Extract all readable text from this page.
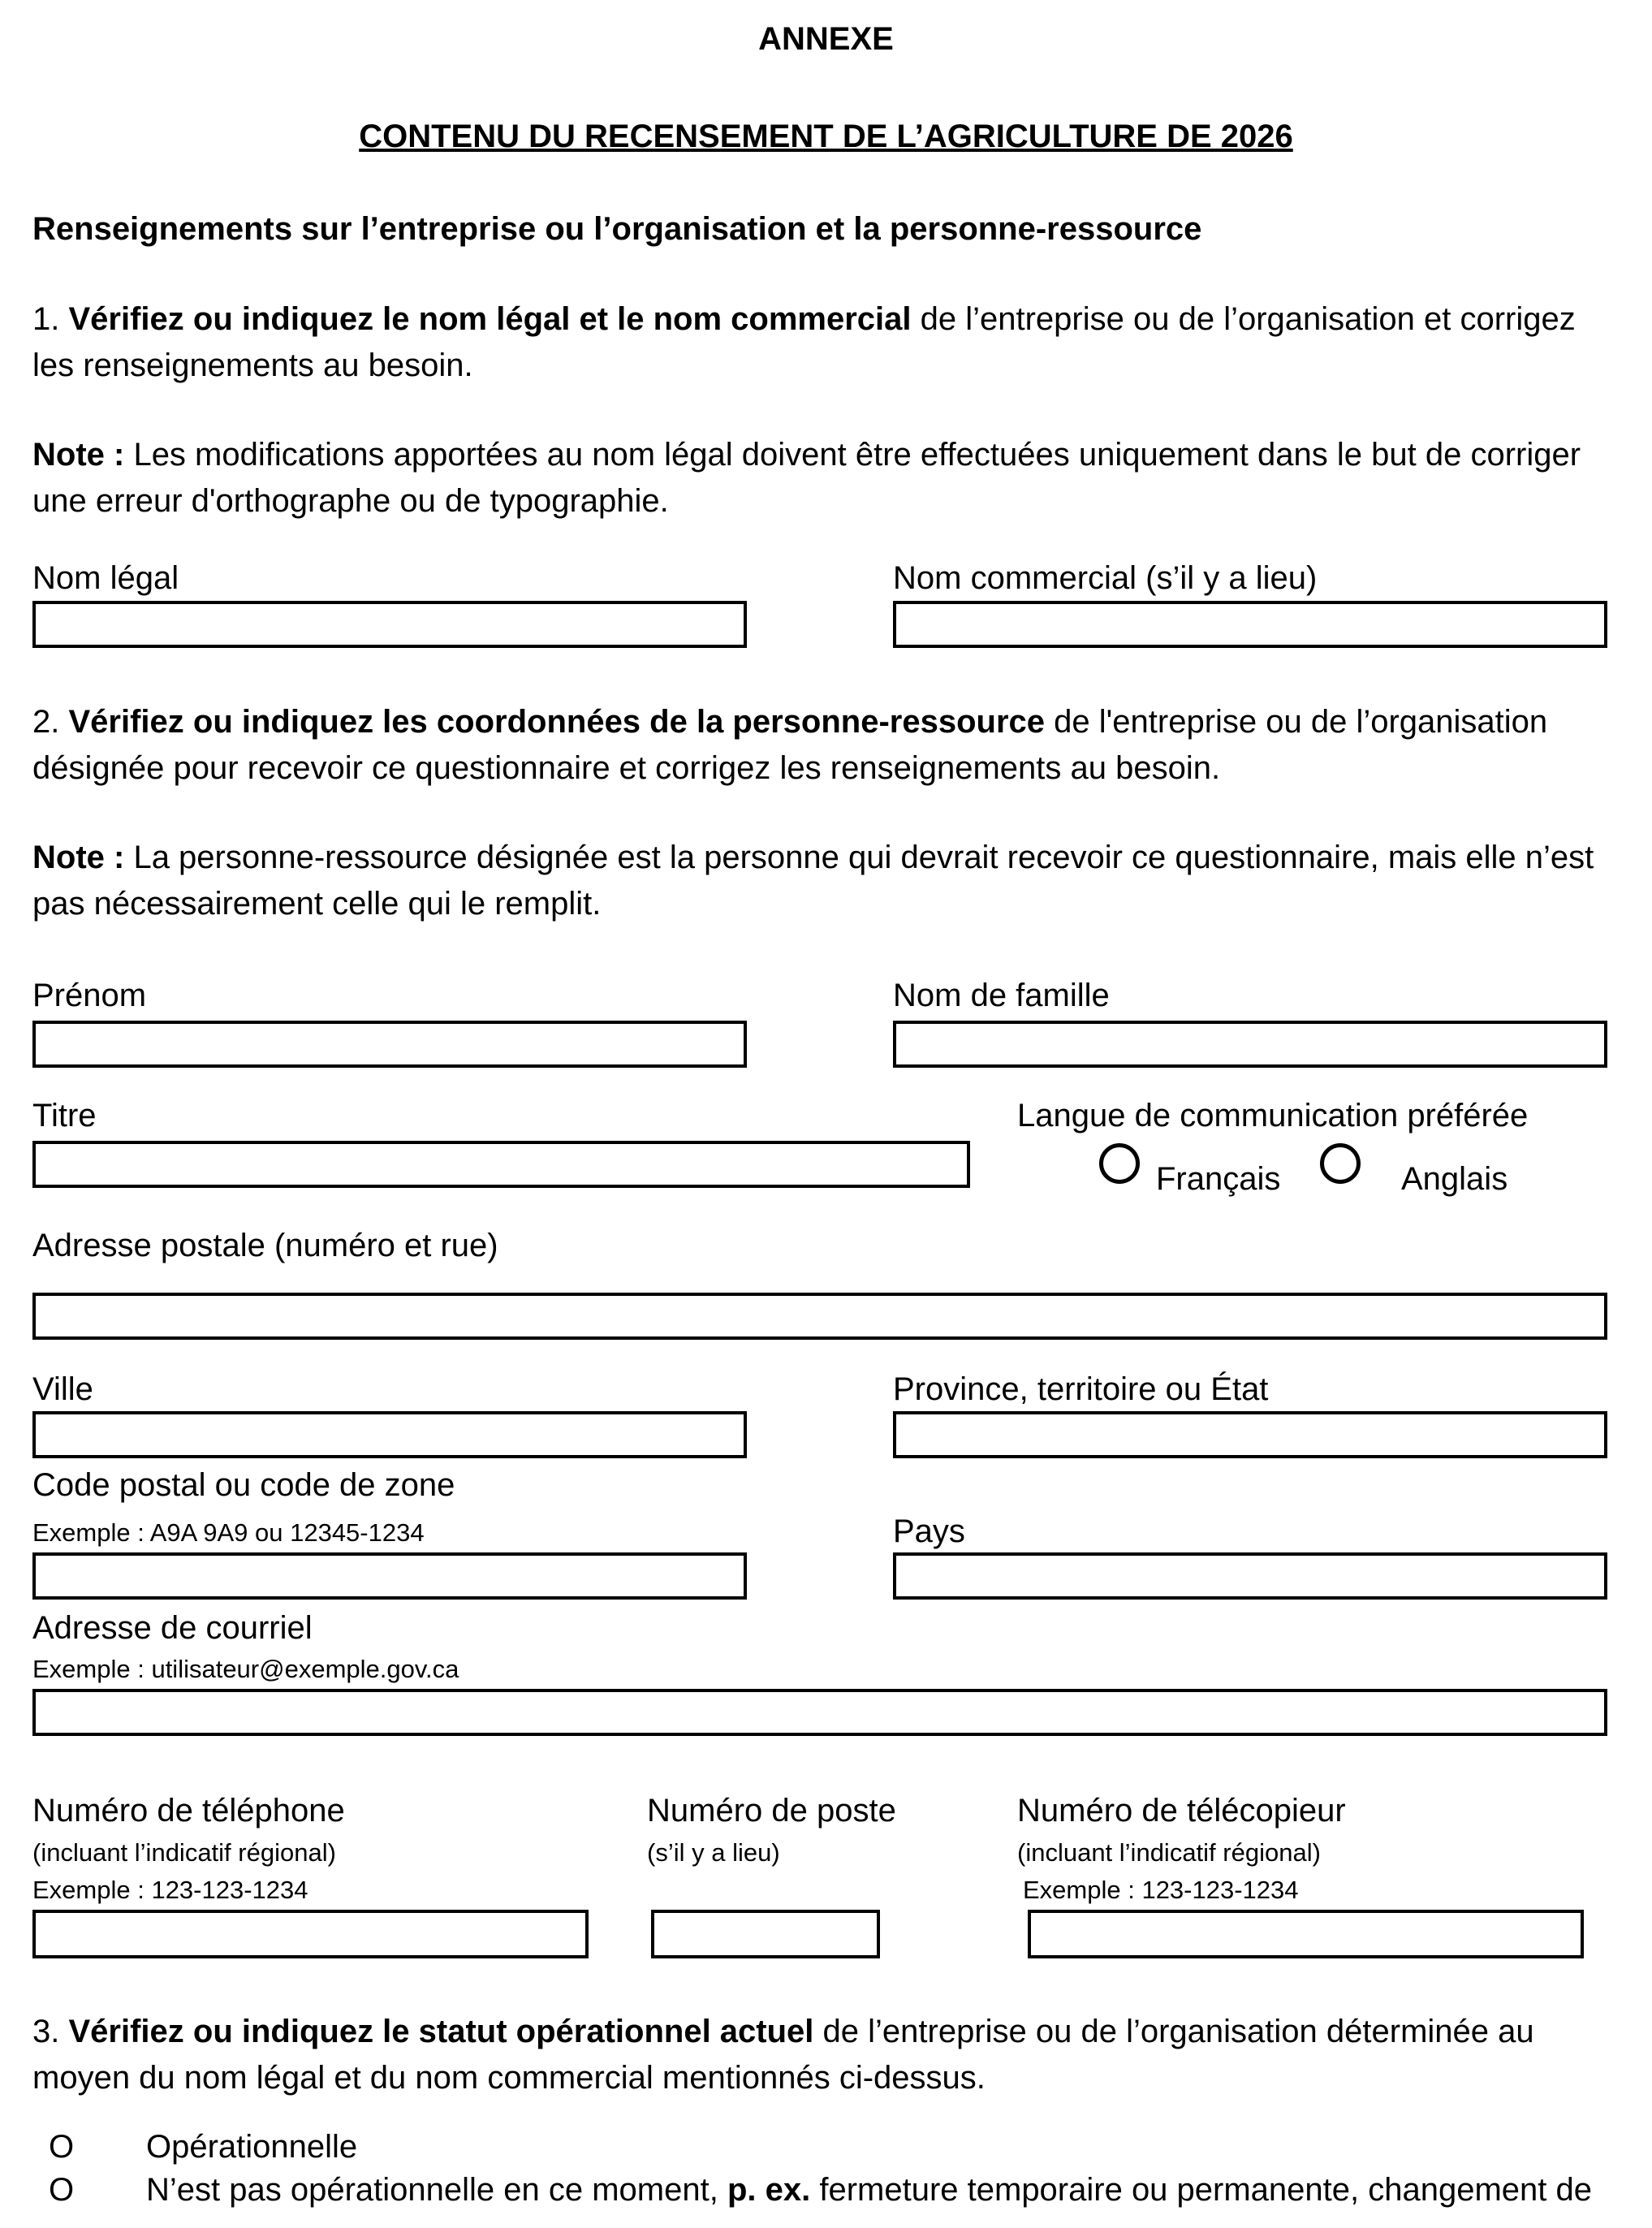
ANNEXE
CONTENU DU RECENSEMENT DE L’AGRICULTURE DE 2026
Renseignements sur l’entreprise ou l’organisation et la personne-ressource
1. Vérifiez ou indiquez le nom légal et le nom commercial de l’entreprise ou de l’organisation et corrigez les renseignements au besoin.
Note : Les modifications apportées au nom légal doivent être effectuées uniquement dans le but de corriger une erreur d'orthographe ou de typographie.
Nom légal	Nom commercial (s’il y a lieu)
2. Vérifiez ou indiquez les coordonnées de la personne-ressource de l'entreprise ou de l’organisation désignée pour recevoir ce questionnaire et corrigez les renseignements au besoin.
Note : La personne-ressource désignée est la personne qui devrait recevoir ce questionnaire, mais elle n’est pas nécessairement celle qui le remplit.
Prénom	Nom de famille
Titre	Langue de communication préférée
Français	Anglais
Adresse postale (numéro et rue)
Ville	Province, territoire ou État
Code postal ou code de zone
Exemple : A9A 9A9 ou 12345-1234	Pays
Adresse de courriel
Exemple : utilisateur@exemple.gov.ca
Numéro de téléphone
(incluant l’indicatif régional)
Exemple : 123-123-1234
Numéro de poste
(s’il y a lieu)
Numéro de télécopieur
(incluant l’indicatif régional)
Exemple : 123-123-1234
3. Vérifiez ou indiquez le statut opérationnel actuel de l’entreprise ou de l’organisation déterminée au moyen du nom légal et du nom commercial mentionnés ci-dessus.
O Opérationnelle
O N’est pas opérationnelle en ce moment, p. ex. fermeture temporaire ou permanente, changement de
